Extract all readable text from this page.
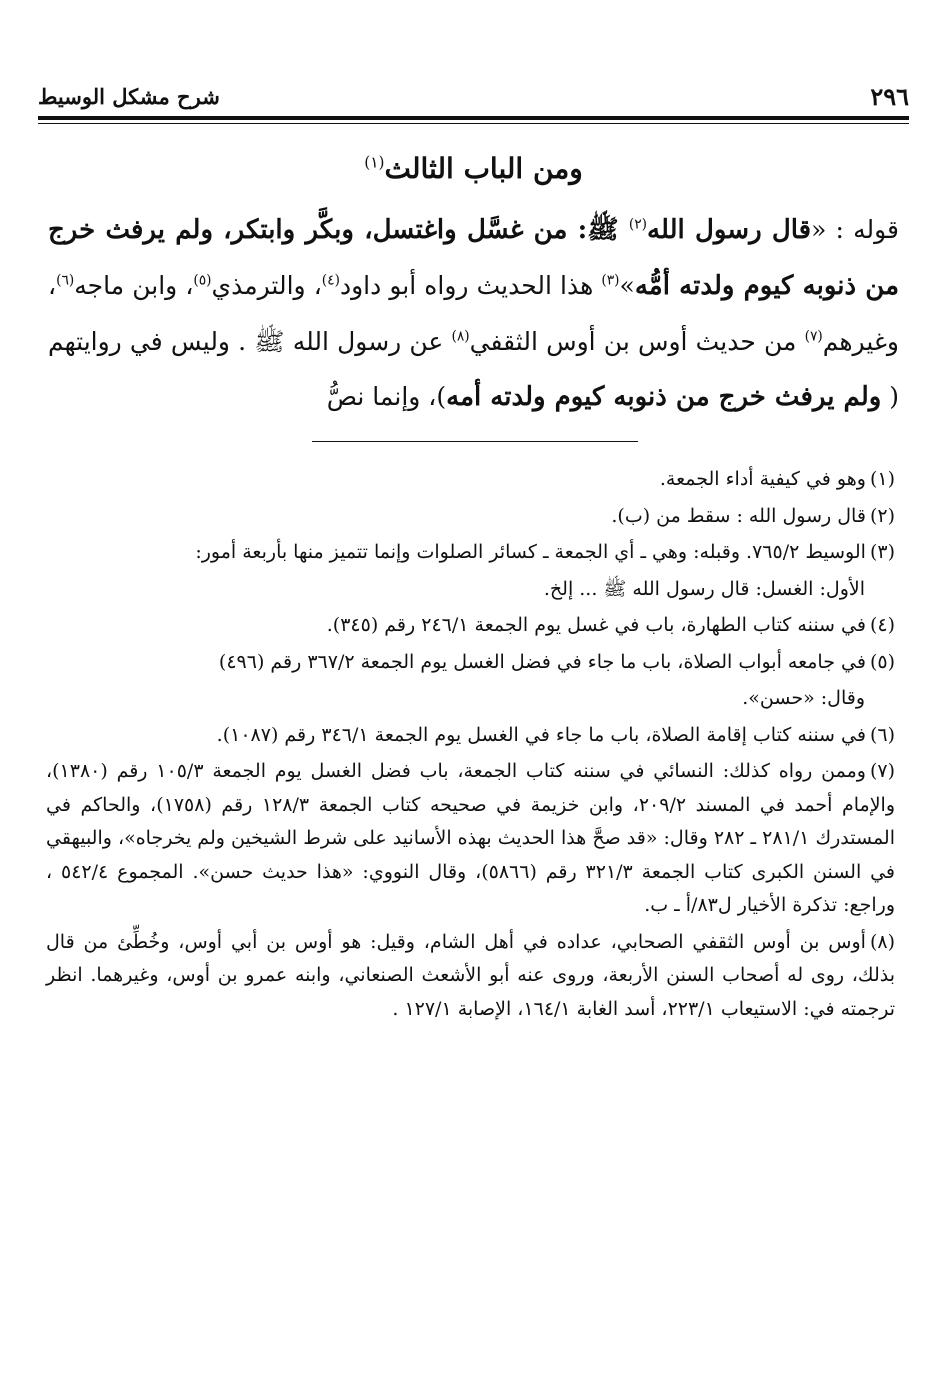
٢٩٦
شرح مشكل الوسيط
ومن الباب الثالث$^{(١)}$

قوله : «قال رسول الله$^{(٢)}$ ﷺ: من غسَّل واغتسل، وبكَّر وابتكر، ولم يرفث خرج من ذنوبه كيوم ولدته أمُّه»$^{(٣)}$ هذا الحديث رواه أبو داود$^{(٤)}$، والترمذي$^{(٥)}$، وابن ماجه$^{(٦)}$، وغيرهم$^{(٧)}$ من حديث أوس بن أوس الثقفي$^{(٨)}$ عن رسول الله ﷺ . وليس في روايتهم ( ولم يرفث خرج من ذنوبه كيوم ولدته أمه)، وإنما نصُّ

(١)وهو في كيفية أداء الجمعة.

(٢)قال رسول الله : سقط من (ب).

(٣)الوسيط ٧٦٥/٢. وقبله: وهي ـ أي الجمعة ـ كسائر الصلوات وإنما تتميز منها بأربعة أمور:

الأول: الغسل: قال رسول الله ﷺ ... إلخ.

(٤)في سننه كتاب الطهارة، باب في غسل يوم الجمعة ٢٤٦/١ رقم (٣٤٥).

(٥)في جامعه أبواب الصلاة، باب ما جاء في فضل الغسل يوم الجمعة ٣٦٧/٢ رقم (٤٩٦)

وقال: «حسن».

(٦)في سننه كتاب إقامة الصلاة، باب ما جاء في الغسل يوم الجمعة ٣٤٦/١ رقم (١٠٨٧).

(٧)وممن رواه كذلك: النسائي في سننه كتاب الجمعة، باب فضل الغسل يوم الجمعة ١٠٥/٣ رقم (١٣٨٠)، والإمام أحمد في المسند ٢٠٩/٢، وابن خزيمة في صحيحه كتاب الجمعة ١٢٨/٣ رقم (١٧٥٨)، والحاكم في المستدرك ٢٨١/١ ـ ٢٨٢ وقال: «قد صحَّ هذا الحديث بهذه الأسانيد على شرط الشيخين ولم يخرجاه»، والبيهقي في السنن الكبرى كتاب الجمعة ٣٢١/٣ رقم (٥٨٦٦)، وقال النووي: «هذا حديث حسن». المجموع ٥٤٢/٤ ، وراجع: تذكرة الأخيار ل٨٣/أ ـ ب.

(٨)أوس بن أوس الثقفي الصحابي، عداده في أهل الشام، وقيل: هو أوس بن أبي أوس، وخُطِّئ من قال بذلك، روى له أصحاب السنن الأربعة، وروى عنه أبو الأشعث الصنعاني، وابنه عمرو بن أوس، وغيرهما. انظر ترجمته في: الاستيعاب ٢٢٣/١، أسد الغابة ١٦٤/١، الإصابة ١٢٧/١ .
